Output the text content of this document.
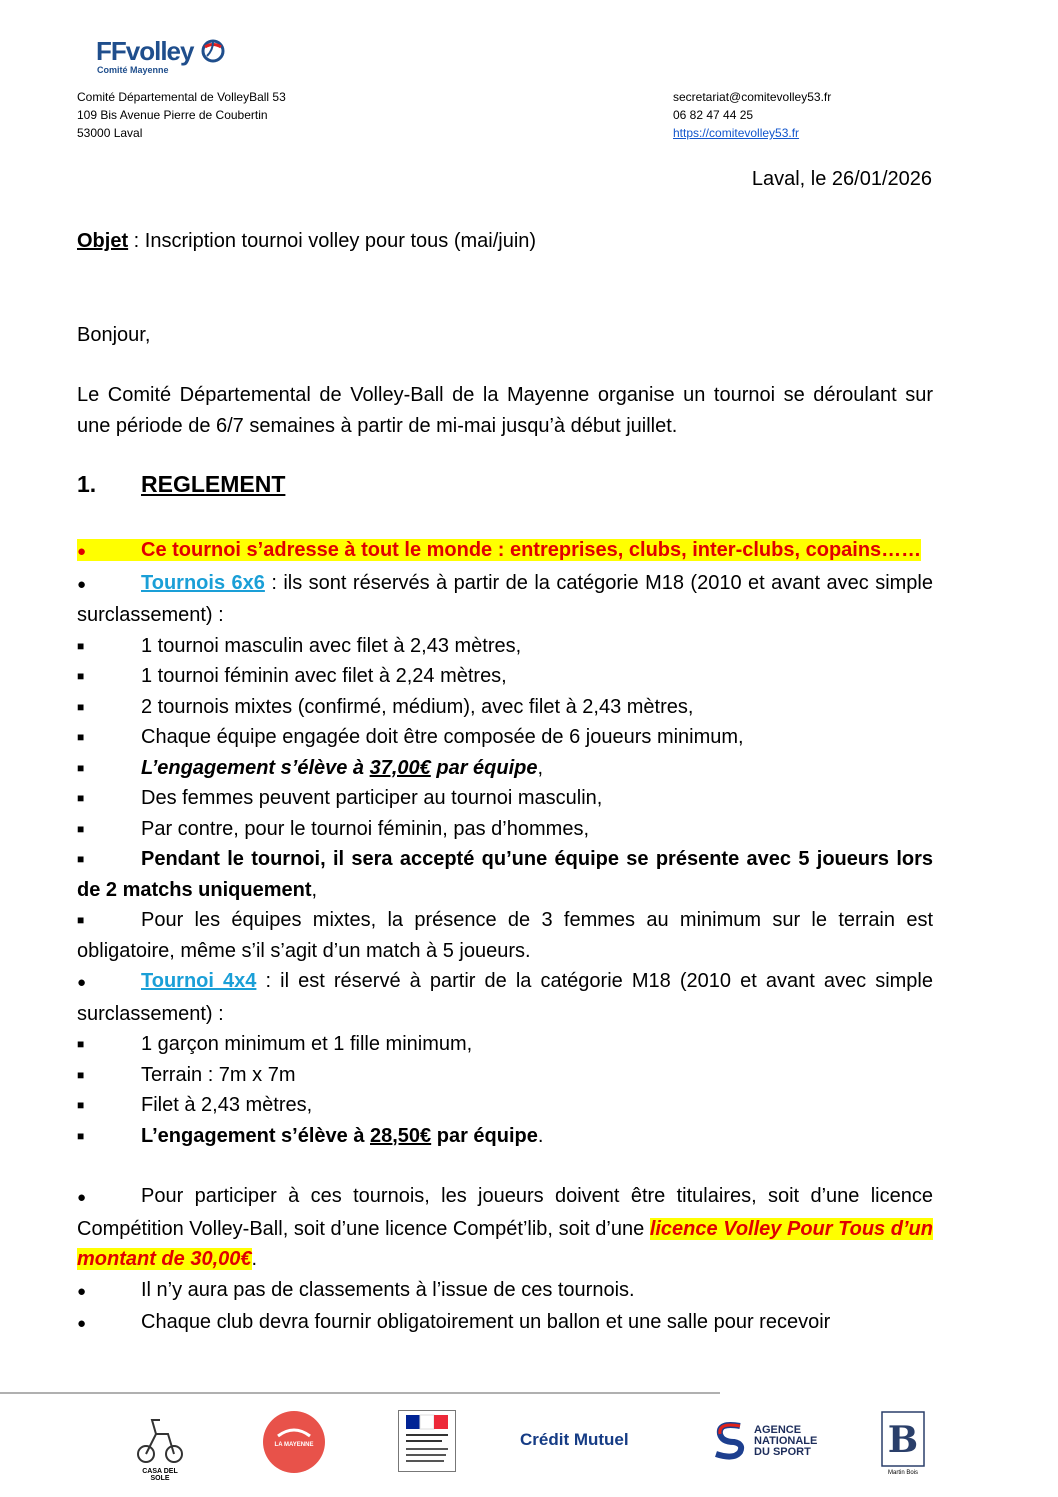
FFvolley
Comité Mayenne
Comité Départemental de VolleyBall 53
109 Bis Avenue Pierre de Coubertin
53000 Laval
secretariat@comitevolley53.fr
06 82 47 44 25
https://comitevolley53.fr
Laval, le 26/01/2026
Objet : Inscription tournoi volley pour tous (mai/juin)
Bonjour,
Le Comité Départemental de Volley-Ball de la Mayenne organise un tournoi se déroulant sur une période de 6/7 semaines à partir de mi-mai jusqu’à début juillet.
1. REGLEMENT

●	Ce tournoi s’adresse à tout le monde : entreprises, clubs, inter-clubs, copains……

●	Tournois 6x6 : ils sont réservés à partir de la catégorie M18 (2010 et avant avec simple surclassement) :

■	1 tournoi masculin avec filet à 2,43 mètres,

■	1 tournoi féminin avec filet à 2,24 mètres,

■	2 tournois mixtes (confirmé, médium), avec filet à 2,43 mètres,

■	Chaque équipe engagée doit être composée de 6 joueurs minimum,

■	L’engagement s’élève à 37,00€ par équipe,

■	Des femmes peuvent participer au tournoi masculin,

■	Par contre, pour le tournoi féminin, pas d’hommes,

■	Pendant le tournoi, il sera accepté qu’une équipe se présente avec 5 joueurs lors de 2 matchs uniquement,

■	Pour les équipes mixtes, la présence de 3 femmes au minimum sur le terrain est obligatoire, même s’il s’agit d’un match à 5 joueurs.

●	Tournoi 4x4 : il est réservé à partir de la catégorie M18 (2010 et avant avec simple surclassement) :

■	1 garçon minimum et 1 fille minimum,

■	Terrain : 7m x 7m

■	Filet à 2,43 mètres,

■	L’engagement s’élève à 28,50€ par équipe.

●	Pour participer à ces tournois, les joueurs doivent être titulaires, soit d’une licence Compétition Volley-Ball, soit d’une licence Compét’lib, soit d’une licence Volley Pour Tous d’un montant de 30,00€.

●	Il n’y aura pas de classements à l’issue de ces tournois.

●	Chaque club devra fournir obligatoirement un ballon et une salle pour recevoir

CASA DEL SOLE
LA MAYENNE	Crédit Mutuel	AGENCE
NATIONALE
DU SPORT B
Martin Bois
